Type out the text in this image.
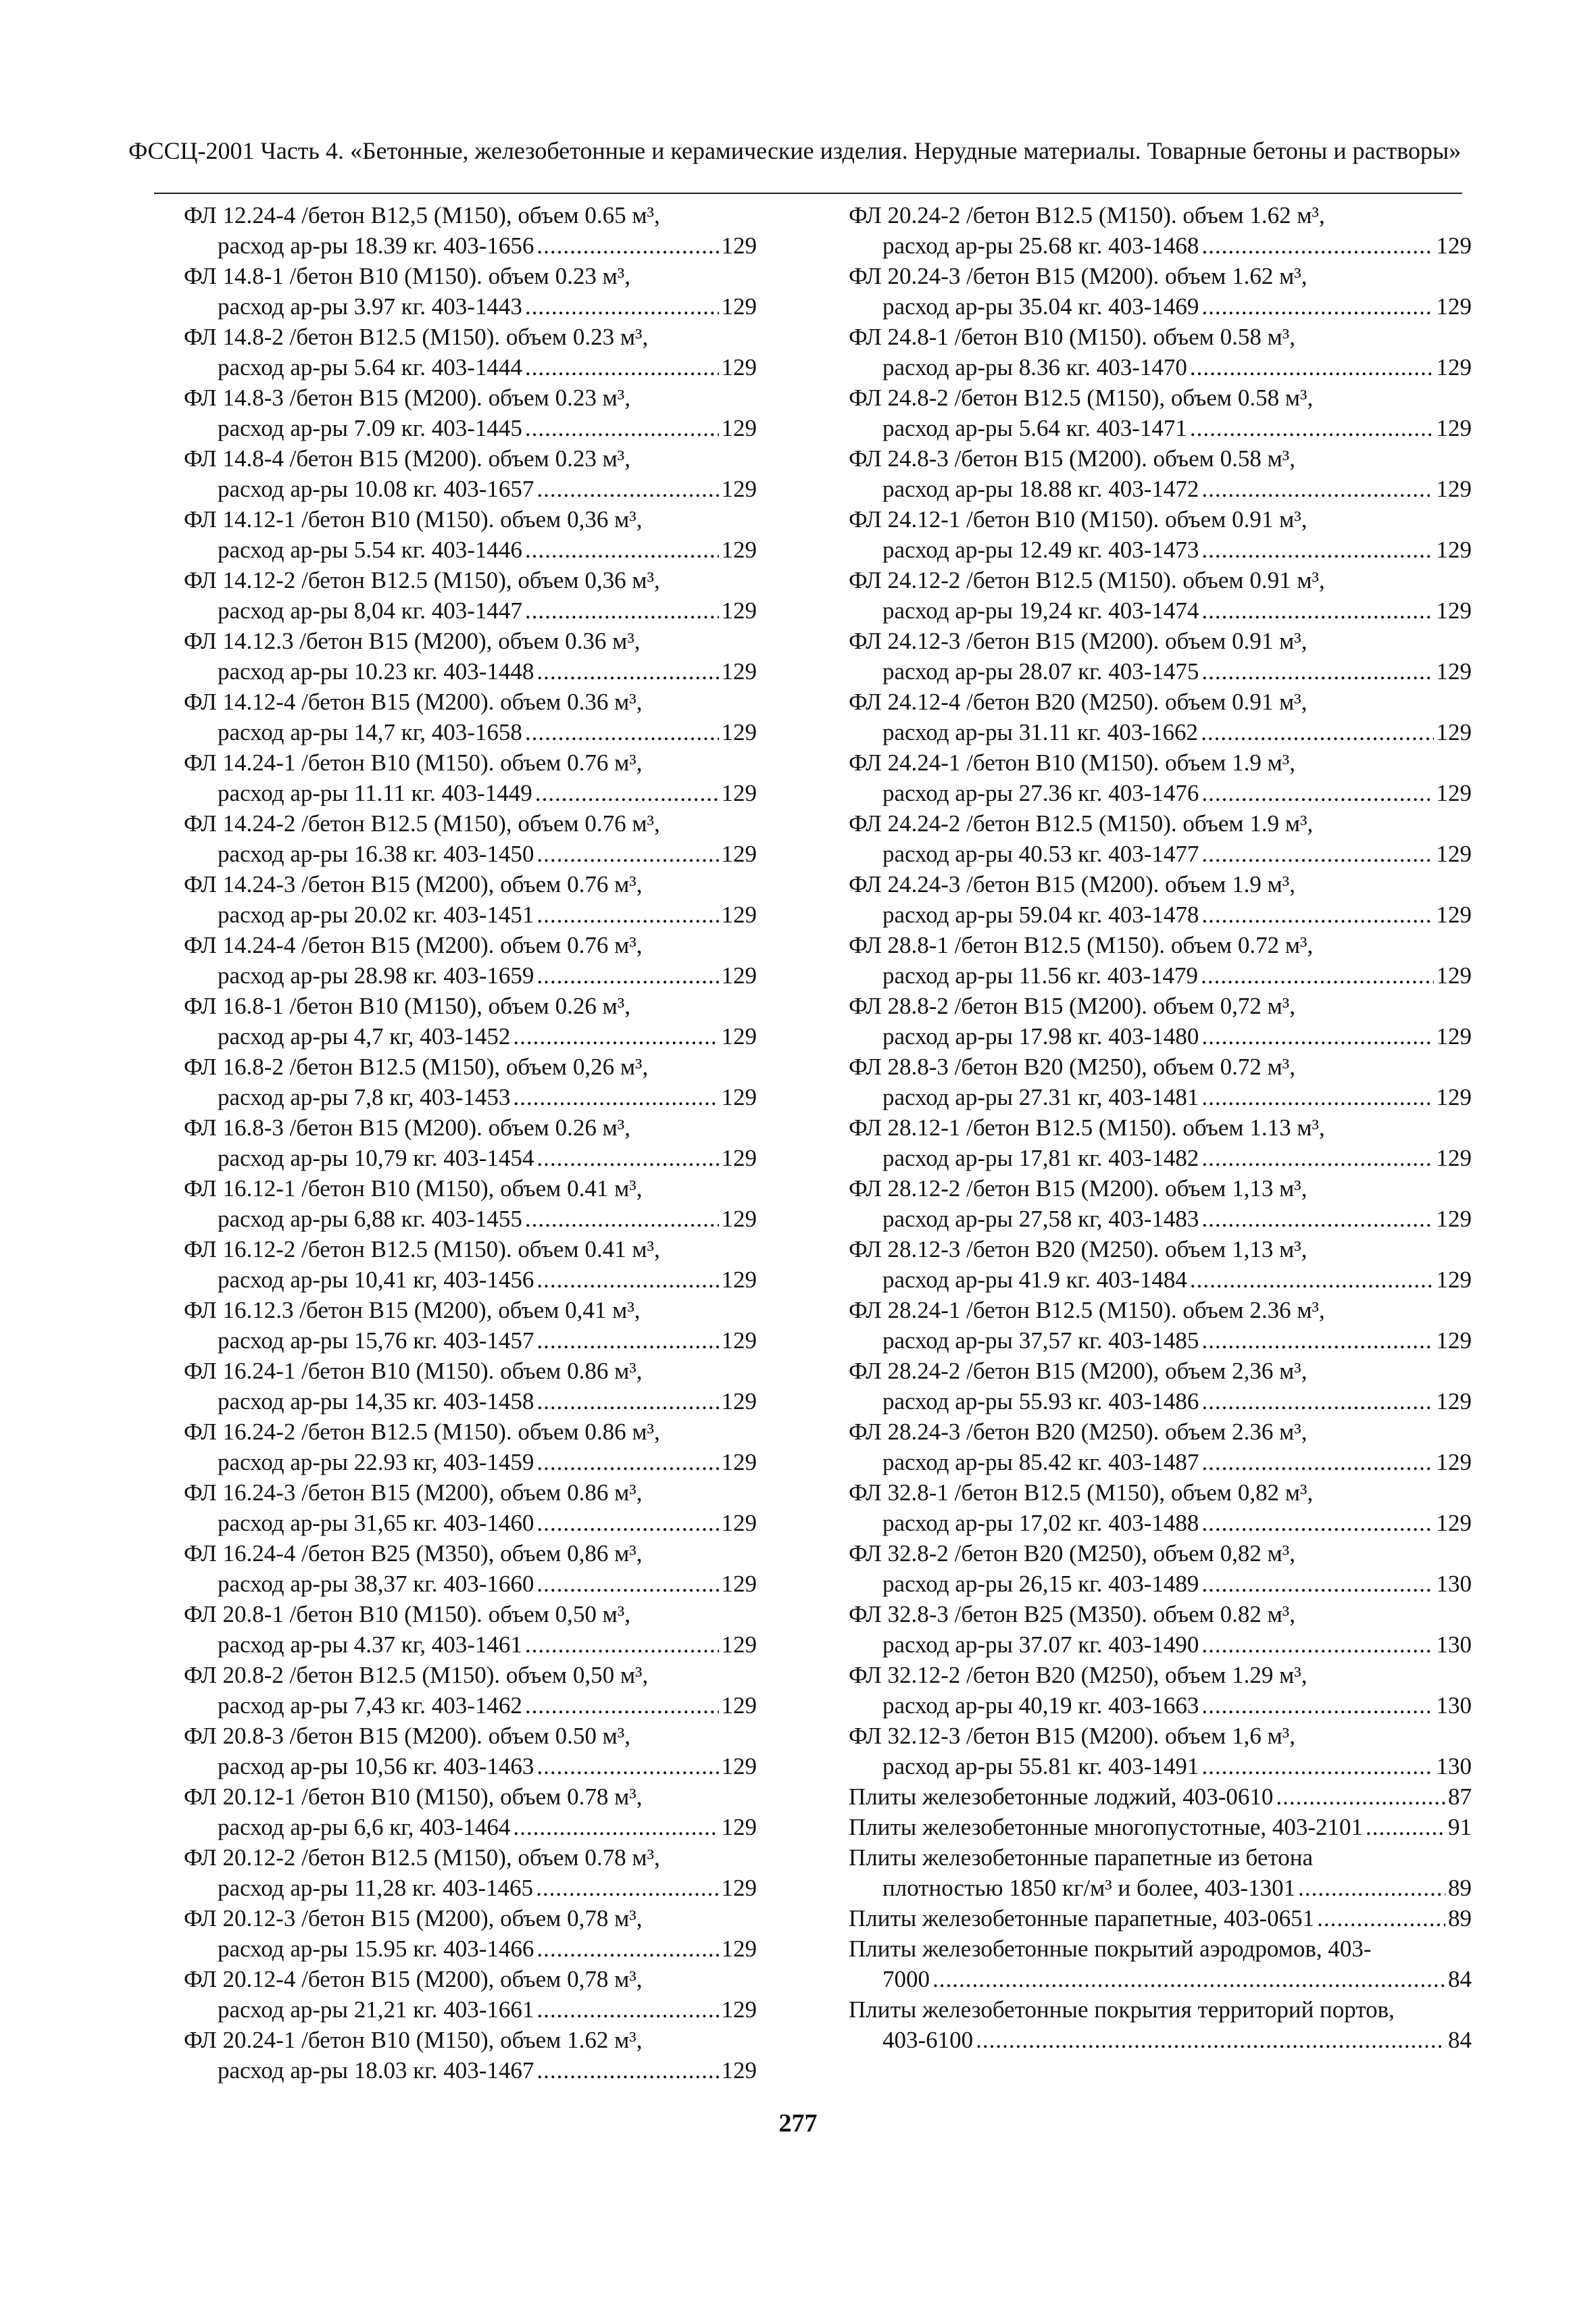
ФССЦ-2001 Часть 4. «Бетонные, железобетонные и керамические изделия. Нерудные материалы. Товарные бетоны и растворы»
ФЛ 12.24-4 /бетон В12,5 (М150), объем 0.65 м³,
расход ар-ры 18.39 кг. 403-1656 .....	129
ФЛ 14.8-1 /бетон В10 (М150). объем 0.23 м³,
расход ар-ры 3.97 кг. 403-1443 .....	129
ФЛ 14.8-2 /бетон В12.5 (М150). объем 0.23 м³,
расход ар-ры 5.64 кг. 403-1444 .....	129
ФЛ 14.8-3 /бетон В15 (М200). объем 0.23 м³,
расход ар-ры 7.09 кг. 403-1445 .....	129
ФЛ 14.8-4 /бетон В15 (М200). объем 0.23 м³,
расход ар-ры 10.08 кг. 403-1657 .....	129
ФЛ 14.12-1 /бетон В10 (М150). объем 0,36 м³,
расход ар-ры 5.54 кг. 403-1446 .....	129
ФЛ 14.12-2 /бетон В12.5 (М150), объем 0,36 м³,
расход ар-ры 8,04 кг. 403-1447 .....	129
ФЛ 14.12.3 /бетон В15 (М200), объем 0.36 м³,
расход ар-ры 10.23 кг. 403-1448 .....	129
ФЛ 14.12-4 /бетон В15 (М200). объем 0.36 м³,
расход ар-ры 14,7 кг, 403-1658 .....	129
ФЛ 14.24-1 /бетон В10 (М150). объем 0.76 м³,
расход ар-ры 11.11 кг. 403-1449 .....	129
ФЛ 14.24-2 /бетон В12.5 (М150), объем 0.76 м³,
расход ар-ры 16.38 кг. 403-1450 .....	129
ФЛ 14.24-3 /бетон В15 (М200), объем 0.76 м³,
расход ар-ры 20.02 кг. 403-1451 .....	129
ФЛ 14.24-4 /бетон В15 (М200). объем 0.76 м³,
расход ар-ры 28.98 кг. 403-1659 .....	129
ФЛ 16.8-1 /бетон В10 (М150), объем 0.26 м³,
расход ар-ры 4,7 кг, 403-1452 .....	129
ФЛ 16.8-2 /бетон В12.5 (М150), объем 0,26 м³,
расход ар-ры 7,8 кг, 403-1453 .....	129
ФЛ 16.8-3 /бетон В15 (М200). объем 0.26 м³,
расход ар-ры 10,79 кг. 403-1454 .....	129
ФЛ 16.12-1 /бетон В10 (М150), объем 0.41 м³,
расход ар-ры 6,88 кг. 403-1455 .....	129
ФЛ 16.12-2 /бетон В12.5 (М150). объем 0.41 м³,
расход ар-ры 10,41 кг, 403-1456 .....	129
ФЛ 16.12.3 /бетон В15 (М200), объем 0,41 м³,
расход ар-ры 15,76 кг. 403-1457 .....	129
ФЛ 16.24-1 /бетон В10 (М150). объем 0.86 м³,
расход ар-ры 14,35 кг. 403-1458 .....	129
ФЛ 16.24-2 /бетон В12.5 (М150). объем 0.86 м³,
расход ар-ры 22.93 кг, 403-1459 .....	129
ФЛ 16.24-3 /бетон В15 (М200), объем 0.86 м³,
расход ар-ры 31,65 кг. 403-1460 .....	129
ФЛ 16.24-4 /бетон В25 (М350), объем 0,86 м³,
расход ар-ры 38,37 кг. 403-1660 .....	129
ФЛ 20.8-1 /бетон В10 (М150). объем 0,50 м³,
расход ар-ры 4.37 кг, 403-1461 .....	129
ФЛ 20.8-2 /бетон В12.5 (М150). объем 0,50 м³,
расход ар-ры 7,43 кг. 403-1462 .....	129
ФЛ 20.8-3 /бетон В15 (М200). объем 0.50 м³,
расход ар-ры 10,56 кг. 403-1463 .....	129
ФЛ 20.12-1 /бетон В10 (М150), объем 0.78 м³,
расход ар-ры 6,6 кг, 403-1464 .....	129
ФЛ 20.12-2 /бетон В12.5 (М150), объем 0.78 м³,
расход ар-ры 11,28 кг. 403-1465 .....	129
ФЛ 20.12-3 /бетон В15 (М200), объем 0,78 м³,
расход ар-ры 15.95 кг. 403-1466 .....	129
ФЛ 20.12-4 /бетон В15 (М200), объем 0,78 м³,
расход ар-ры 21,21 кг. 403-1661 .....	129
ФЛ 20.24-1 /бетон В10 (М150), объем 1.62 м³,
расход ар-ры 18.03 кг. 403-1467 .....	129
ФЛ 20.24-2 /бетон В12.5 (М150). объем 1.62 м³,
расход ар-ры 25.68 кг. 403-1468 .....	129
ФЛ 20.24-3 /бетон В15 (М200). объем 1.62 м³,
расход ар-ры 35.04 кг. 403-1469 .....	129
ФЛ 24.8-1 /бетон В10 (М150). объем 0.58 м³,
расход ар-ры 8.36 кг. 403-1470 .....	129
ФЛ 24.8-2 /бетон В12.5 (М150), объем 0.58 м³,
расход ар-ры 5.64 кг. 403-1471 .....	129
ФЛ 24.8-3 /бетон В15 (М200). объем 0.58 м³,
расход ар-ры 18.88 кг. 403-1472 .....	129
ФЛ 24.12-1 /бетон В10 (М150). объем 0.91 м³,
расход ар-ры 12.49 кг. 403-1473 .....	129
ФЛ 24.12-2 /бетон В12.5 (М150). объем 0.91 м³,
расход ар-ры 19,24 кг. 403-1474 .....	129
ФЛ 24.12-3 /бетон В15 (М200). объем 0.91 м³,
расход ар-ры 28.07 кг. 403-1475 .....	129
ФЛ 24.12-4 /бетон В20 (М250). объем 0.91 м³,
расход ар-ры 31.11 кг. 403-1662 .....	129
ФЛ 24.24-1 /бетон В10 (М150). объем 1.9 м³,
расход ар-ры 27.36 кг. 403-1476 .....	129
ФЛ 24.24-2 /бетон В12.5 (М150). объем 1.9 м³,
расход ар-ры 40.53 кг. 403-1477 .....	129
ФЛ 24.24-3 /бетон В15 (М200). объем 1.9 м³,
расход ар-ры 59.04 кг. 403-1478 .....	129
ФЛ 28.8-1 /бетон В12.5 (М150). объем 0.72 м³,
расход ар-ры 11.56 кг. 403-1479 .....	129
ФЛ 28.8-2 /бетон В15 (М200). объем 0,72 м³,
расход ар-ры 17.98 кг. 403-1480 .....	129
ФЛ 28.8-3 /бетон В20 (М250), объем 0.72 м³,
расход ар-ры 27.31 кг, 403-1481 .....	129
ФЛ 28.12-1 /бетон В12.5 (М150). объем 1.13 м³,
расход ар-ры 17,81 кг. 403-1482 .....	129
ФЛ 28.12-2 /бетон В15 (М200). объем 1,13 м³,
расход ар-ры 27,58 кг, 403-1483 .....	129
ФЛ 28.12-3 /бетон В20 (М250). объем 1,13 м³,
расход ар-ры 41.9 кг. 403-1484 .....	129
ФЛ 28.24-1 /бетон В12.5 (М150). объем 2.36 м³,
расход ар-ры 37,57 кг. 403-1485 .....	129
ФЛ 28.24-2 /бетон В15 (М200), объем 2,36 м³,
расход ар-ры 55.93 кг. 403-1486 .....	129
ФЛ 28.24-3 /бетон В20 (М250). объем 2.36 м³,
расход ар-ры 85.42 кг. 403-1487 .....	129
ФЛ 32.8-1 /бетон В12.5 (М150), объем 0,82 м³,
расход ар-ры 17,02 кг. 403-1488 .....	129
ФЛ 32.8-2 /бетон В20 (М250), объем 0,82 м³,
расход ар-ры 26,15 кг. 403-1489 .....	130
ФЛ 32.8-3 /бетон В25 (М350). объем 0.82 м³,
расход ар-ры 37.07 кг. 403-1490 .....	130
ФЛ 32.12-2 /бетон В20 (М250), объем 1.29 м³,
расход ар-ры 40,19 кг. 403-1663 .....	130
ФЛ 32.12-3 /бетон В15 (М200). объем 1,6 м³,
расход ар-ры 55.81 кг. 403-1491 .....	130
Плиты железобетонные лоджий, 403-0610 .....	87
Плиты железобетонные многопустотные, 403-2101 .....	91
Плиты железобетонные парапетные из бетона
плотностью 1850 кг/м³ и более, 403-1301 .....	89
Плиты железобетонные парапетные, 403-0651 .....	89
Плиты железобетонные покрытий аэродромов, 403-
7000 .....	84
Плиты железобетонные покрытия территорий портов,
403-6100 .....	84
277
